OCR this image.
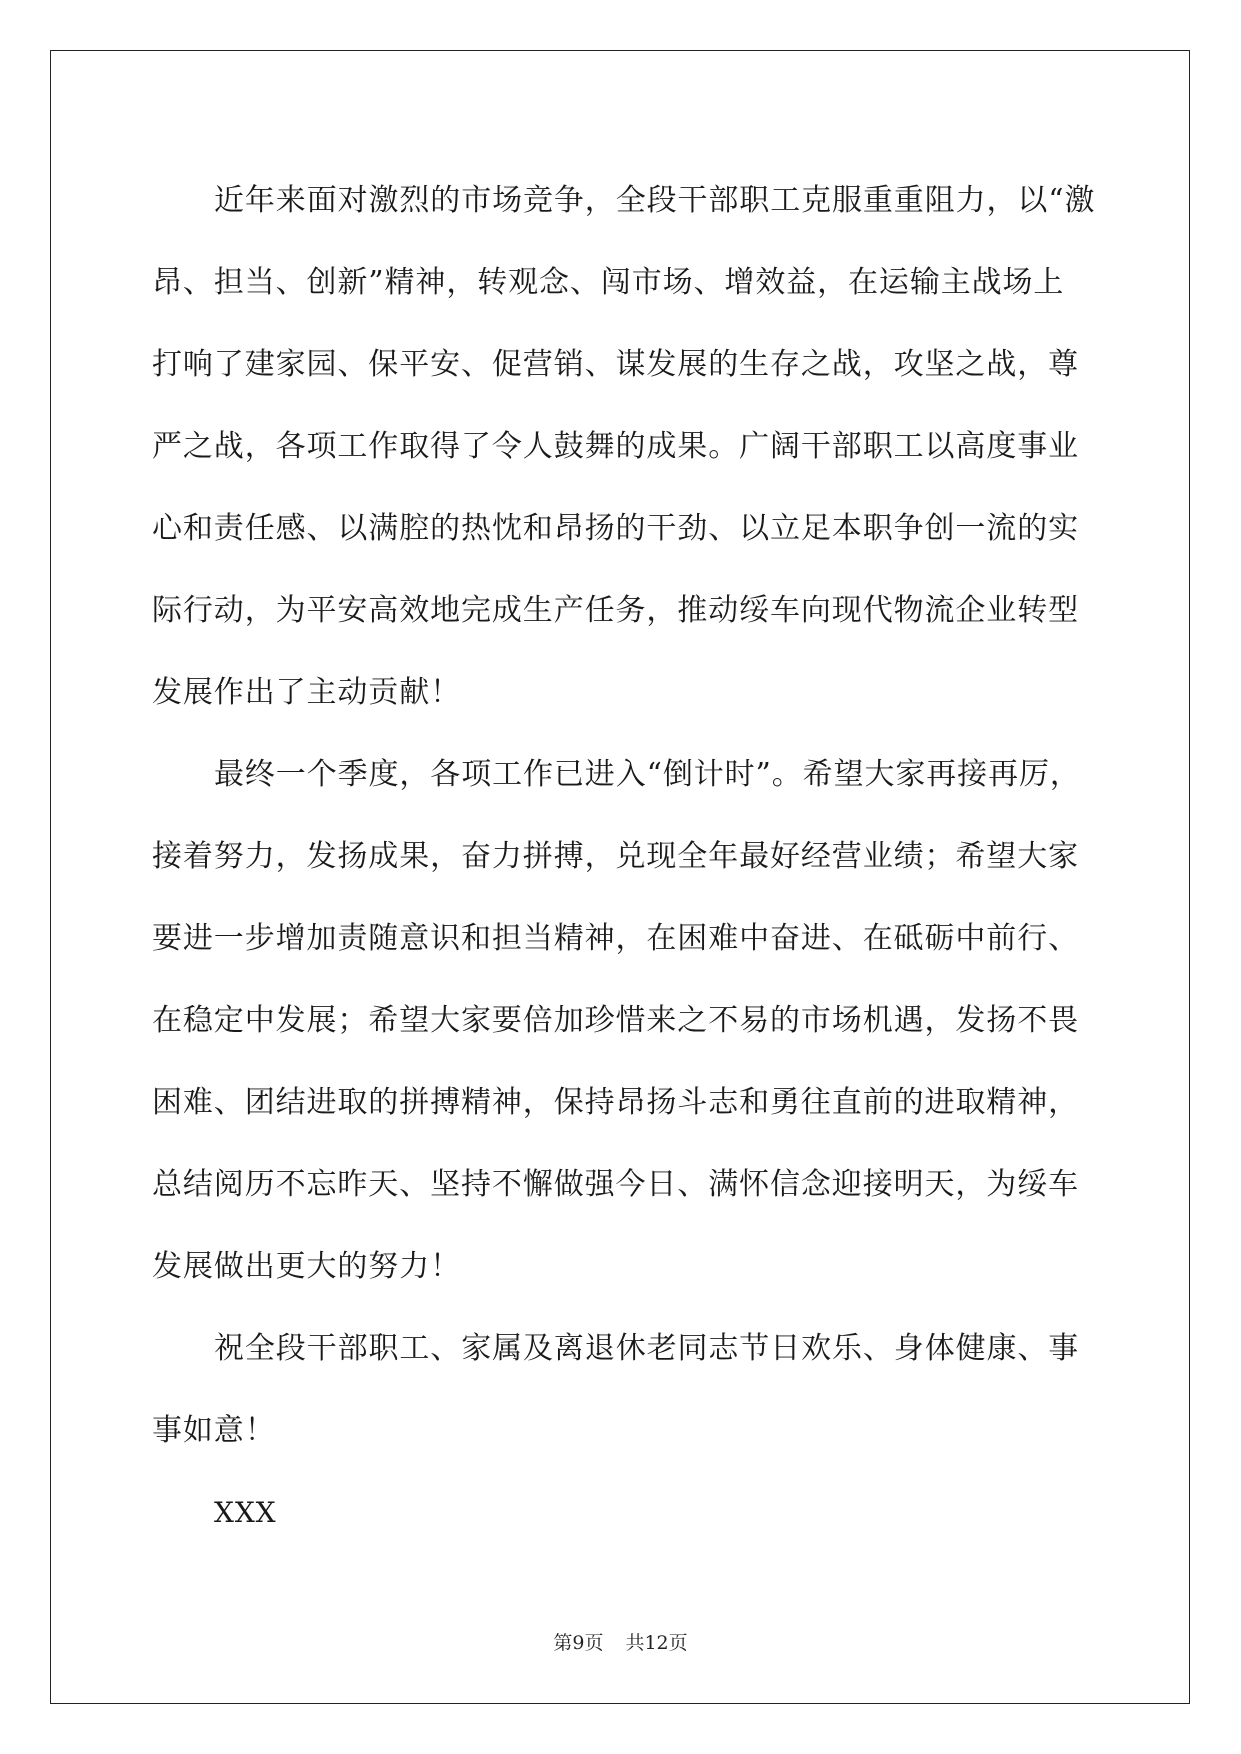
近年来面对激烈的市场竞争，全段干部职工克服重重阻力，以“激
昂、担当、创新”精神，转观念、闯市场、增效益，在运输主战场上
打响了建家园、保平安、促营销、谋发展的生存之战，攻坚之战，尊
严之战，各项工作取得了令人鼓舞的成果。广阔干部职工以高度事业
心和责任感、以满腔的热忱和昂扬的干劲、以立足本职争创一流的实
际行动，为平安高效地完成生产任务，推动绥车向现代物流企业转型
发展作出了主动贡献！
最终一个季度，各项工作已进入“倒计时”。希望大家再接再厉，
接着努力，发扬成果，奋力拼搏，兑现全年最好经营业绩；希望大家
要进一步增加责随意识和担当精神，在困难中奋进、在砥砺中前行、
在稳定中发展；希望大家要倍加珍惜来之不易的市场机遇，发扬不畏
困难、团结进取的拼搏精神，保持昂扬斗志和勇往直前的进取精神，
总结阅历不忘昨天、坚持不懈做强今日、满怀信念迎接明天，为绥车
发展做出更大的努力！
祝全段干部职工、家属及离退休老同志节日欢乐、身体健康、事
事如意！
XXX
第9页 共12页
